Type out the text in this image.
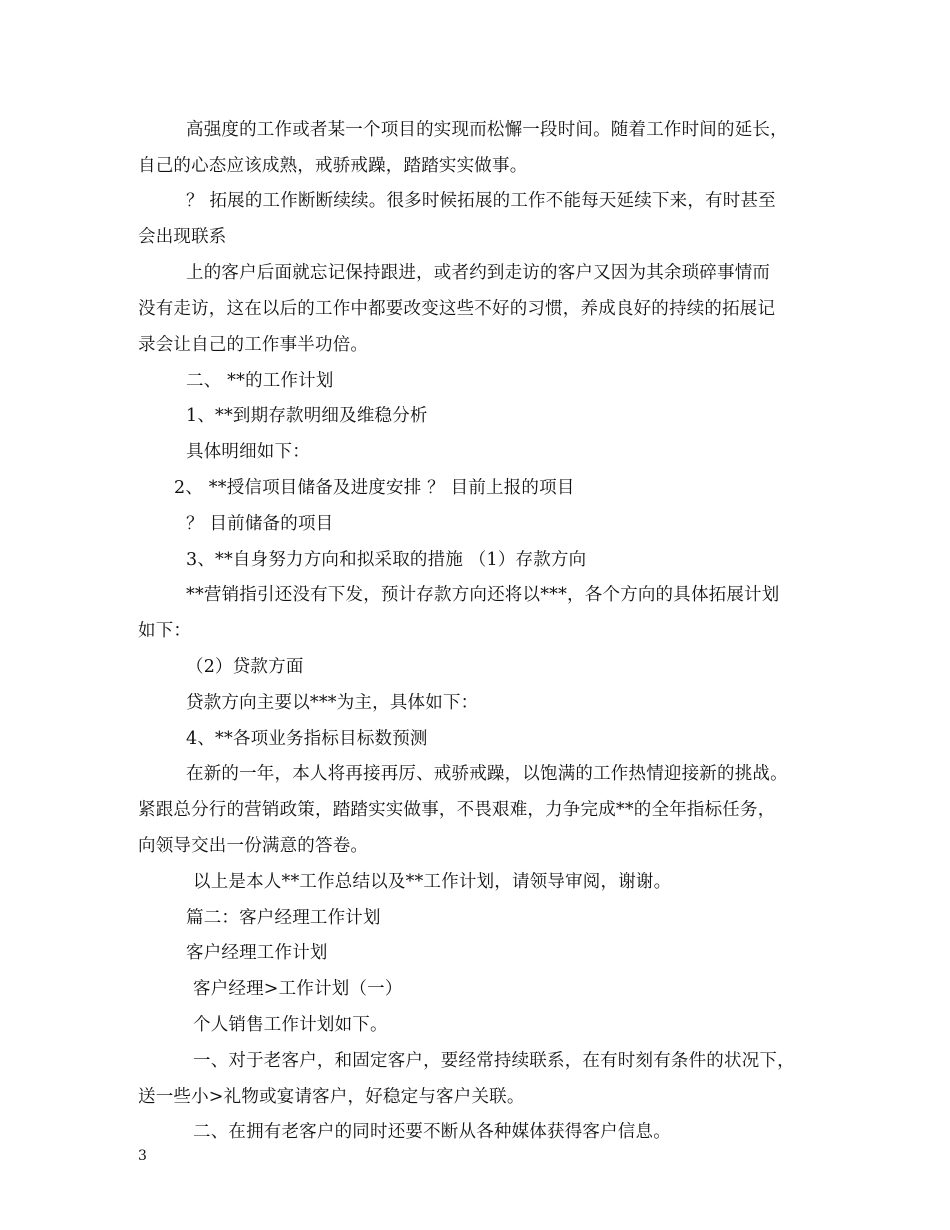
高强度的工作或者某一个项目的实现而松懈一段时间。随着工作时间的延长，
自己的心态应该成熟，戒骄戒躁，踏踏实实做事。
？ 拓展的工作断断续续。很多时候拓展的工作不能每天延续下来，有时甚至
会出现联系
上的客户后面就忘记保持跟进，或者约到走访的客户又因为其余琐碎事情而
没有走访，这在以后的工作中都要改变这些不好的习惯，养成良好的持续的拓展记
录会让自己的工作事半功倍。
二、 **的工作计划
1、**到期存款明细及维稳分析
具体明细如下：
2、 **授信项目储备及进度安排 ？ 目前上报的项目
？ 目前储备的项目
3、**自身努力方向和拟采取的措施 （1）存款方向
**营销指引还没有下发，预计存款方向还将以***，各个方向的具体拓展计划
如下：
（2）贷款方面
贷款方向主要以***为主，具体如下：
4、**各项业务指标目标数预测
在新的一年，本人将再接再厉、戒骄戒躁，以饱满的工作热情迎接新的挑战。
紧跟总分行的营销政策，踏踏实实做事，不畏艰难，力争完成**的全年指标任务，
向领导交出一份满意的答卷。
以上是本人**工作总结以及**工作计划，请领导审阅，谢谢。
篇二：客户经理工作计划
客户经理工作计划
客户经理>工作计划（一）
个人销售工作计划如下。
一、对于老客户，和固定客户，要经常持续联系，在有时刻有条件的状况下，
送一些小>礼物或宴请客户，好稳定与客户关联。
二、在拥有老客户的同时还要不断从各种媒体获得客户信息。
3
